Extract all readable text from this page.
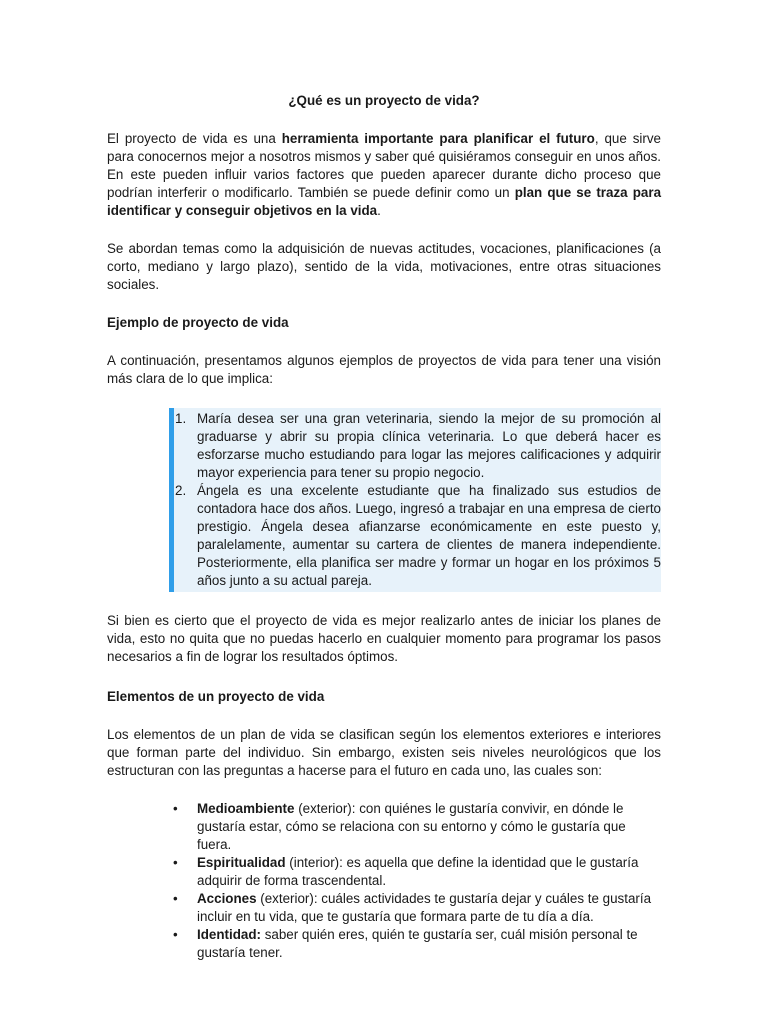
¿Qué es un proyecto de vida?

El proyecto de vida es una herramienta importante para planificar el futuro, que sirve para conocernos mejor a nosotros mismos y saber qué quisiéramos conseguir en unos años. En este pueden influir varios factores que pueden aparecer durante dicho proceso que podrían interferir o modificarlo. También se puede definir como un plan que se traza para identificar y conseguir objetivos en la vida.

Se abordan temas como la adquisición de nuevas actitudes, vocaciones, planificaciones (a corto, mediano y largo plazo), sentido de la vida, motivaciones, entre otras situaciones sociales.

Ejemplo de proyecto de vida

A continuación, presentamos algunos ejemplos de proyectos de vida para tener una visión más clara de lo que implica:

1. María desea ser una gran veterinaria, siendo la mejor de su promoción al graduarse y abrir su propia clínica veterinaria. Lo que deberá hacer es esforzarse mucho estudiando para logar las mejores calificaciones y adquirir mayor experiencia para tener su propio negocio.
2. Ángela es una excelente estudiante que ha finalizado sus estudios de contadora hace dos años. Luego, ingresó a trabajar en una empresa de cierto prestigio. Ángela desea afianzarse económicamente en este puesto y, paralelamente, aumentar su cartera de clientes de manera independiente. Posteriormente, ella planifica ser madre y formar un hogar en los próximos 5 años junto a su actual pareja.

Si bien es cierto que el proyecto de vida es mejor realizarlo antes de iniciar los planes de vida, esto no quita que no puedas hacerlo en cualquier momento para programar los pasos necesarios a fin de lograr los resultados óptimos.

Elementos de un proyecto de vida

Los elementos de un plan de vida se clasifican según los elementos exteriores e interiores que forman parte del individuo. Sin embargo, existen seis niveles neurológicos que los estructuran con las preguntas a hacerse para el futuro en cada uno, las cuales son:

• Medioambiente (exterior): con quiénes le gustaría convivir, en dónde le gustaría estar, cómo se relaciona con su entorno y cómo le gustaría que fuera.
• Espiritualidad (interior): es aquella que define la identidad que le gustaría adquirir de forma trascendental.
• Acciones (exterior): cuáles actividades te gustaría dejar y cuáles te gustaría incluir en tu vida, que te gustaría que formara parte de tu día a día.
• Identidad: saber quién eres, quién te gustaría ser, cuál misión personal te gustaría tener.
